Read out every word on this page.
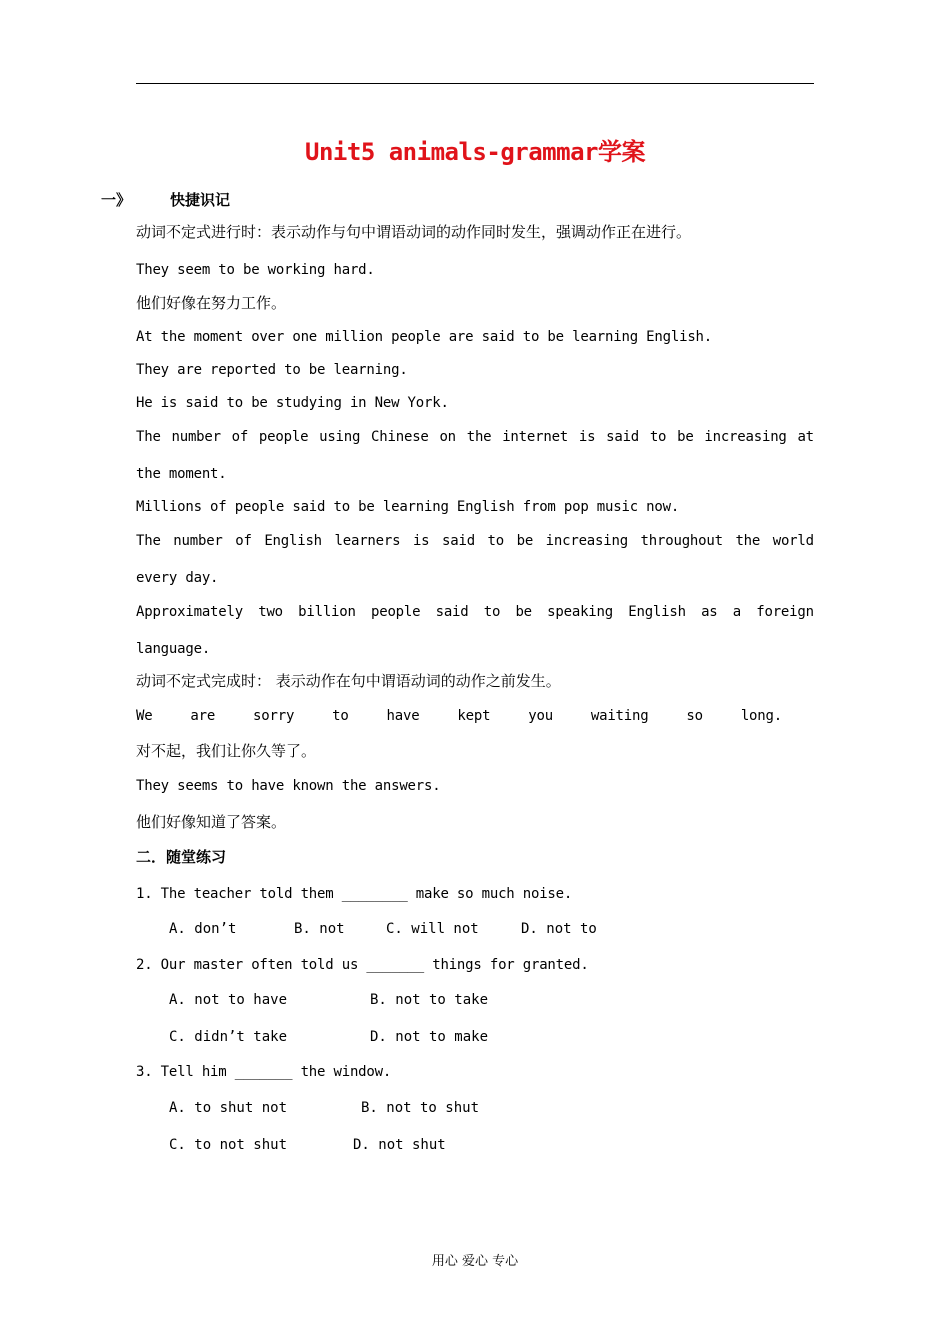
Unit5 animals-grammar学案
一》	快捷识记
动词不定式进行时：表示动作与句中谓语动词的动作同时发生，强调动作正在进行。
They seem to be working hard.
他们好像在努力工作。
At the moment over one million people are said to be learning English.
They are reported to be learning.
He is said to be studying in New York.
The number of people using Chinese on the internet is said to be increasing at
the moment.
Millions of people said to be learning English from pop music now.
The number of English learners is said to be increasing throughout the world
every day.
Approximately two billion people said to be speaking English as a foreign
language.
动词不定式完成时： 表示动作在句中谓语动词的动作之前发生。
We	are	sorry	to	have	kept	you	waiting	so	long.
对不起，我们让你久等了。
They seems to have known the answers.
他们好像知道了答案。
二．随堂练习
1. The teacher told them ________ make so much noise.
A. don’t	B. not	C. will not	D. not to
2. Our master often told us _______ things for granted.
A. not to have	B. not to take
C. didn’t take	D. not to make
3. Tell him _______ the window.
A. to shut not	B. not to shut
C. to not shut	D. not shut
用心 爱心 专心
